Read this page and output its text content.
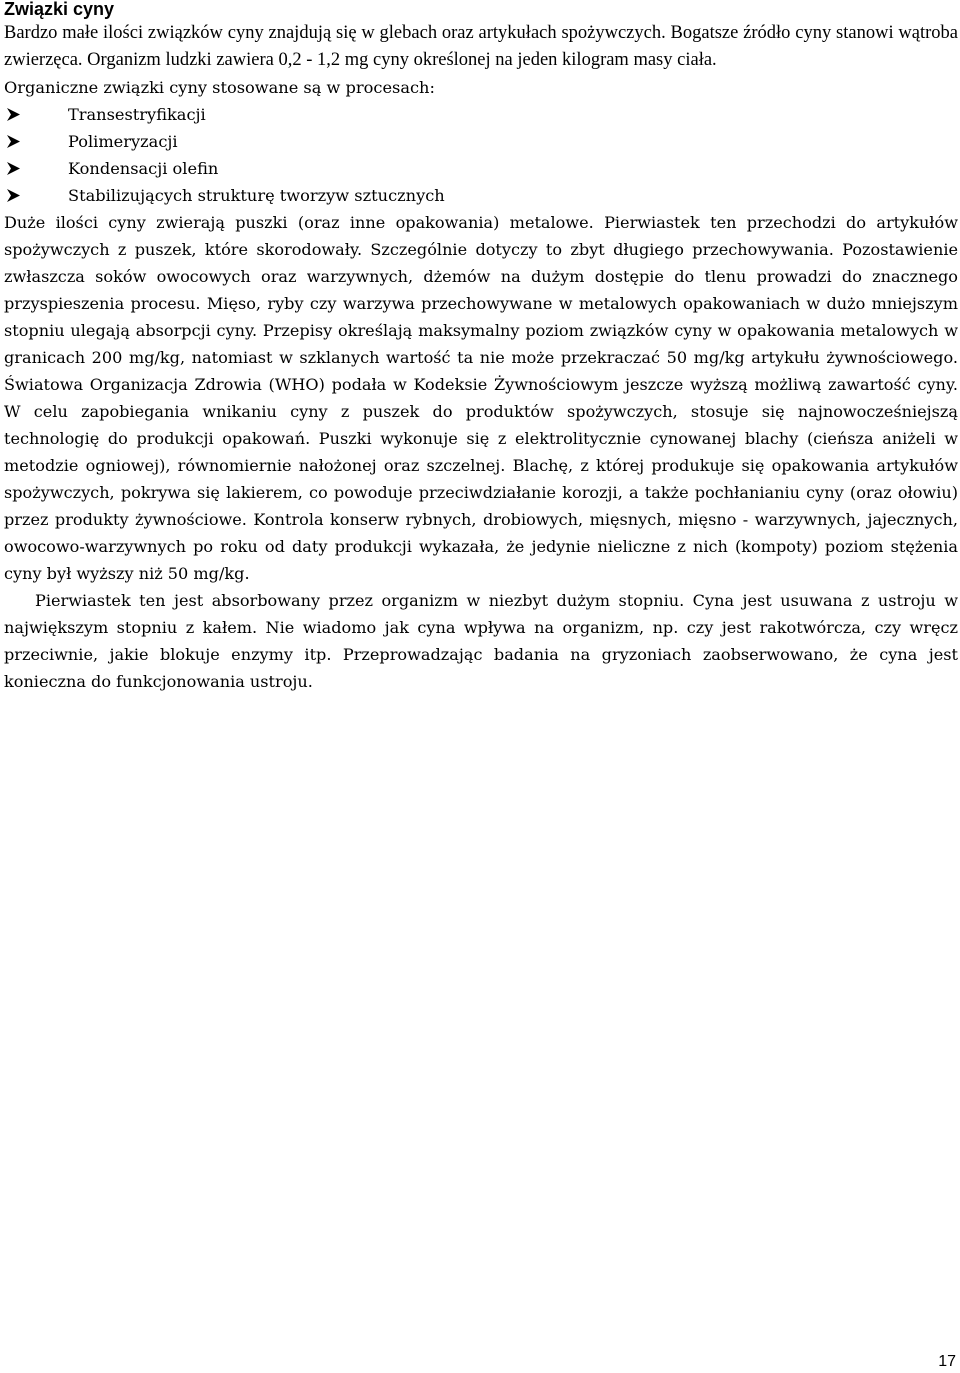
Związki cyny

Bardzo małe ilości związków cyny znajdują się w glebach oraz artykułach spożywczych. Bogatsze źródło cyny stanowi wątroba zwierzęca. Organizm ludzki zawiera 0,2 - 1,2 mg cyny określonej na jeden kilogram masy ciała.

Organiczne związki cyny stosowane są w procesach:

Transestryfikacji
Polimeryzacji
Kondensacji olefin
Stabilizujących strukturę tworzyw sztucznych

Duże ilości cyny zwierają puszki (oraz inne opakowania) metalowe. Pierwiastek ten przechodzi do artykułów spożywczych z puszek, które skorodowały. Szczególnie dotyczy to zbyt długiego przechowywania. Pozostawienie zwłaszcza soków owocowych oraz warzywnych, dżemów na dużym dostępie do tlenu prowadzi do znacznego przyspieszenia procesu. Mięso, ryby czy warzywa przechowywane w metalowych opakowaniach w dużo mniejszym stopniu ulegają absorpcji cyny. Przepisy określają maksymalny poziom związków cyny w opakowania metalowych w granicach 200 mg/kg, natomiast w szklanych wartość ta nie może przekraczać 50 mg/kg artykułu żywnościowego. Światowa Organizacja Zdrowia (WHO) podała w Kodeksie Żywnościowym jeszcze wyższą możliwą zawartość cyny. W celu zapobiegania wnikaniu cyny z puszek do produktów spożywczych, stosuje się najnowocześniejszą technologię do produkcji opakowań. Puszki wykonuje się z elektrolitycznie cynowanej blachy (cieńsza aniżeli w metodzie ogniowej), równomiernie nałożonej oraz szczelnej. Blachę, z której produkuje się opakowania artykułów spożywczych, pokrywa się lakierem, co powoduje przeciwdziałanie korozji, a także pochłanianiu cyny (oraz ołowiu) przez produkty żywnościowe. Kontrola konserw rybnych, drobiowych, mięsnych, mięsno - warzywnych, jajecznych, owocowo-warzywnych po roku od daty produkcji wykazała, że jedynie nieliczne z nich (kompoty) poziom stężenia cyny był wyższy niż 50 mg/kg.

Pierwiastek ten jest absorbowany przez organizm w niezbyt dużym stopniu. Cyna jest usuwana z ustroju w największym stopniu z kałem. Nie wiadomo jak cyna wpływa na organizm, np. czy jest rakotwórcza, czy wręcz przeciwnie, jakie blokuje enzymy itp. Przeprowadzając badania na gryzoniach zaobserwowano, że cyna jest konieczna do funkcjonowania ustroju.

17
